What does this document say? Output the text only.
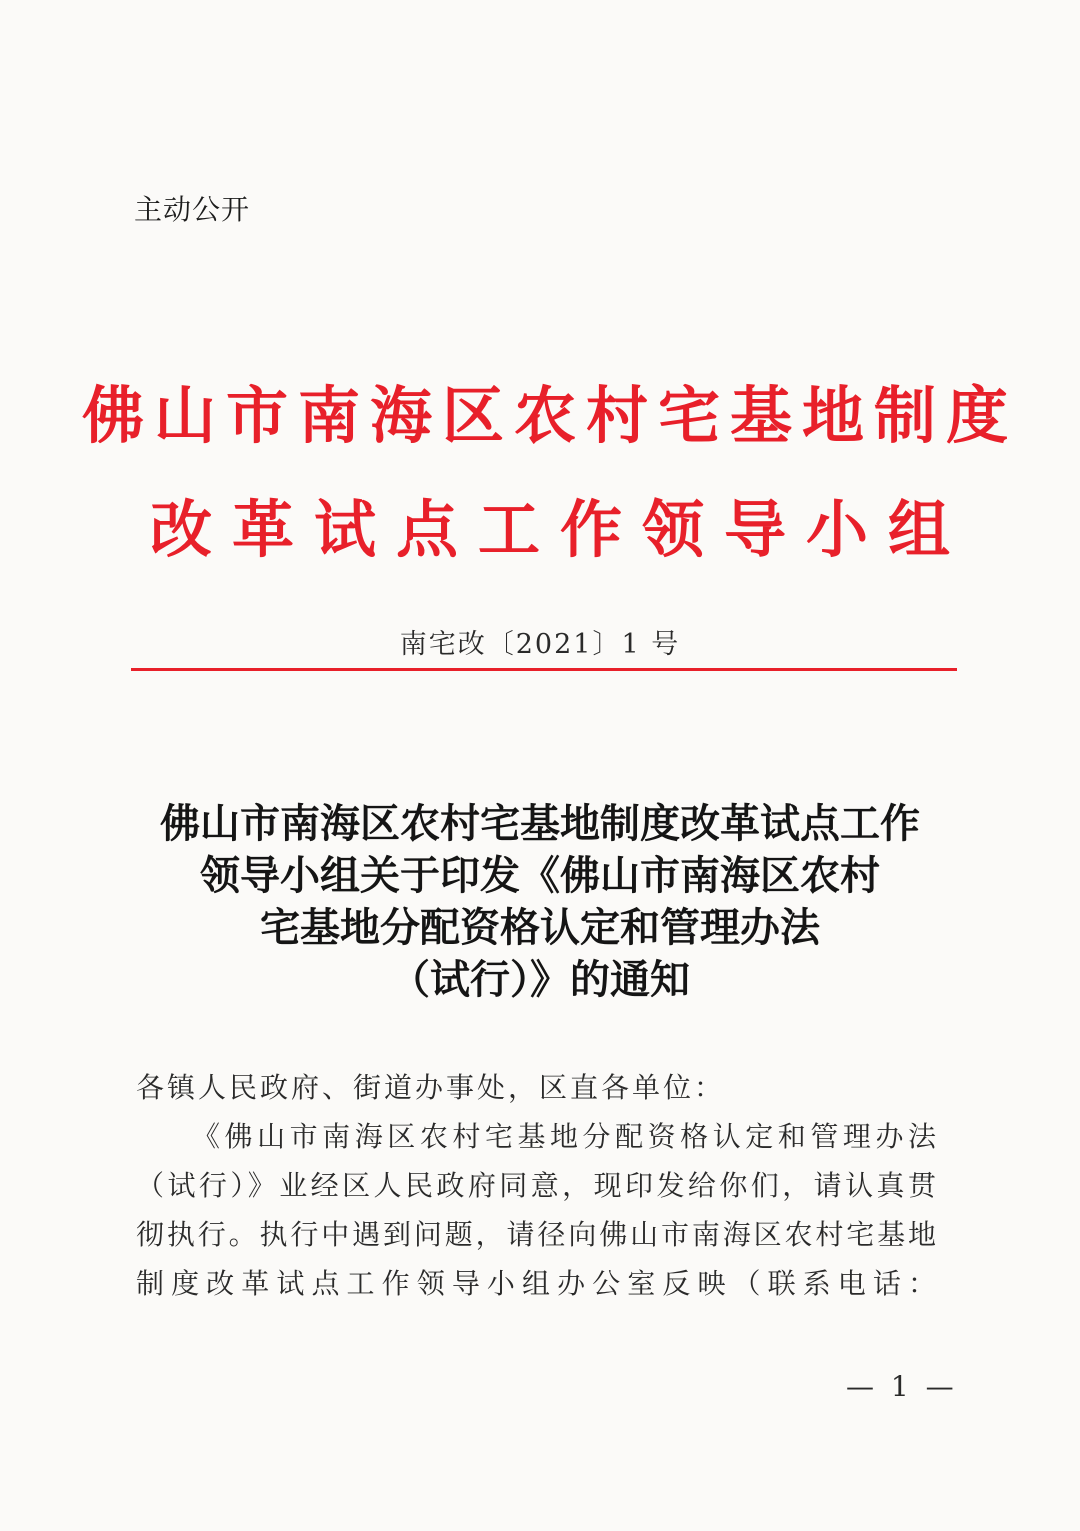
主动公开
佛山市南海区农村宅基地制度
改革试点工作领导小组
南宅改〔2021〕1 号
佛山市南海区农村宅基地制度改革试点工作
领导小组关于印发《佛山市南海区农村
宅基地分配资格认定和管理办法
（试行）》的通知
各镇人民政府、街道办事处，区直各单位：
《佛山市南海区农村宅基地分配资格认定和管理办法
（试行）》业经区人民政府同意，现印发给你们，请认真贯
彻执行。执行中遇到问题，请径向佛山市南海区农村宅基地
制度改革试点工作领导小组办公室反映（联系电话：
— 1 —
